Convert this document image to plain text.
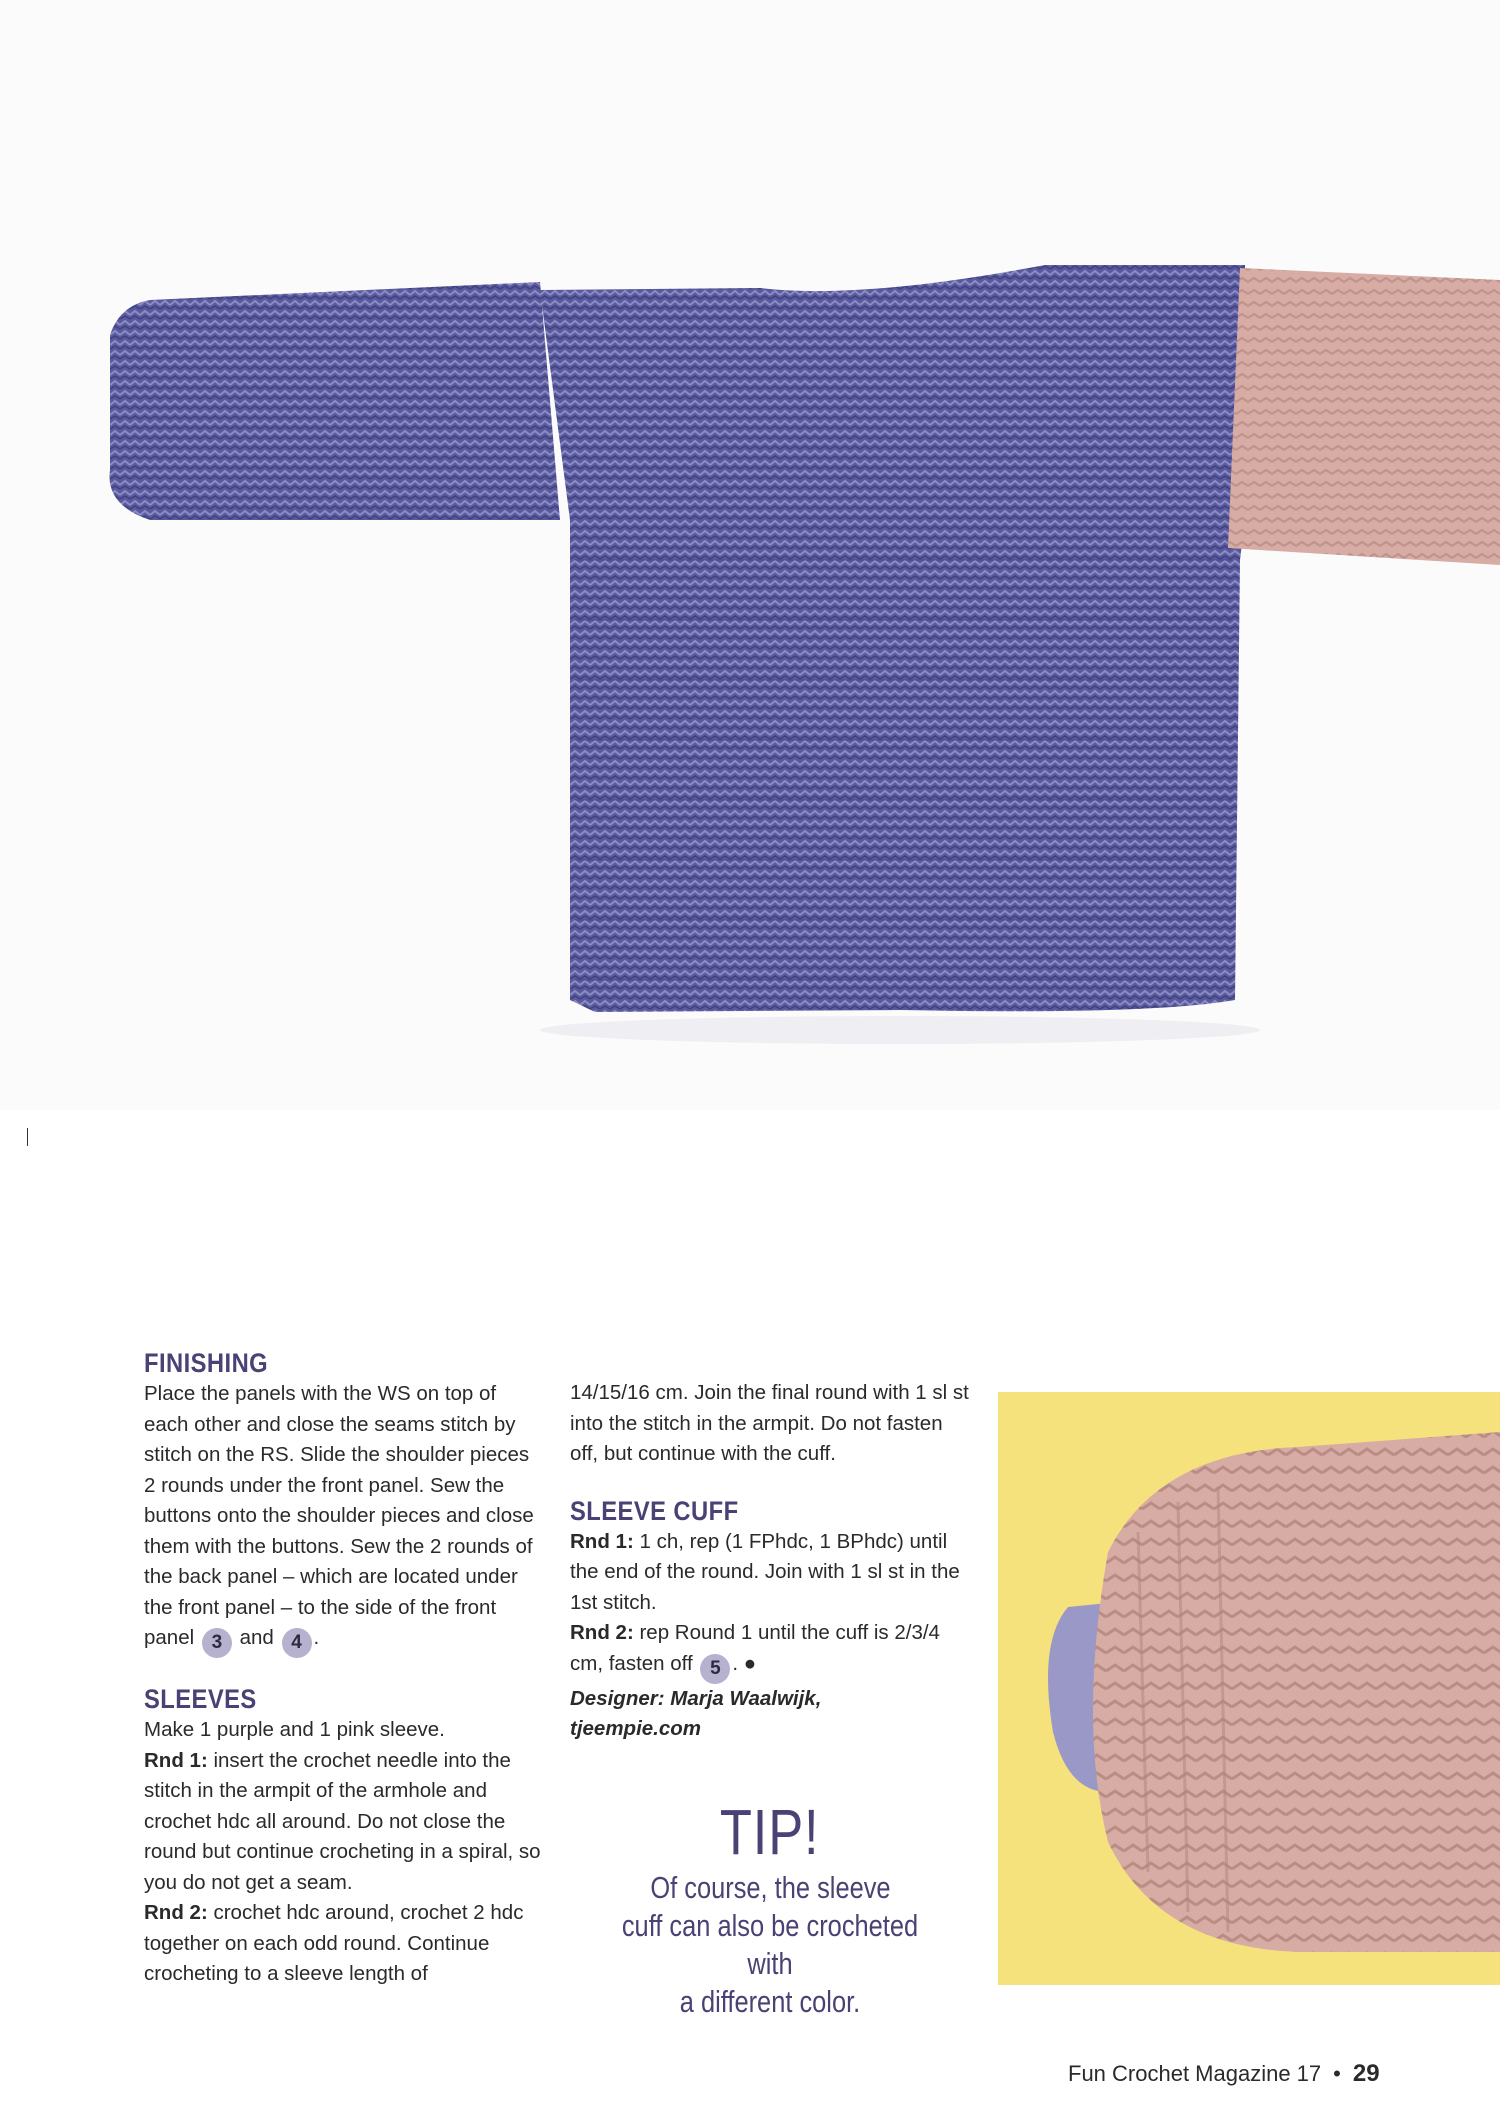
FINISHING

Place the panels with the WS on top of each other and close the seams stitch by stitch on the RS. Slide the shoulder pieces 2 rounds under the front panel. Sew the buttons onto the shoulder pieces and close them with the buttons. Sew the 2 rounds of the back panel – which are located under the front panel – to the side of the front panel 3 and 4 .

SLEEVES

Make 1 purple and 1 pink sleeve.
Rnd 1: insert the crochet needle into the stitch in the armpit of the armhole and crochet hdc all around. Do not close the round but continue crocheting in a spiral, so you do not get a seam.
Rnd 2: crochet hdc around, crochet 2 hdc together on each odd round. Continue crocheting to a sleeve length of

14/15/16 cm. Join the final round with 1 sl st into the stitch in the armpit. Do not fasten off, but continue with the cuff.

SLEEVE CUFF

Rnd 1: 1 ch, rep (1 FPhdc, 1 BPhdc) until the end of the round. Join with 1 sl st in the 1st stitch.
Rnd 2: rep Round 1 until the cuff is 2/3/4 cm, fasten off 5 . ●
Designer: Marja Waalwijk,
tjeempie.com

TIP! Of course, the sleeve
cuff can also be crocheted with
a different color.
Fun Crochet Magazine 17 • 29
